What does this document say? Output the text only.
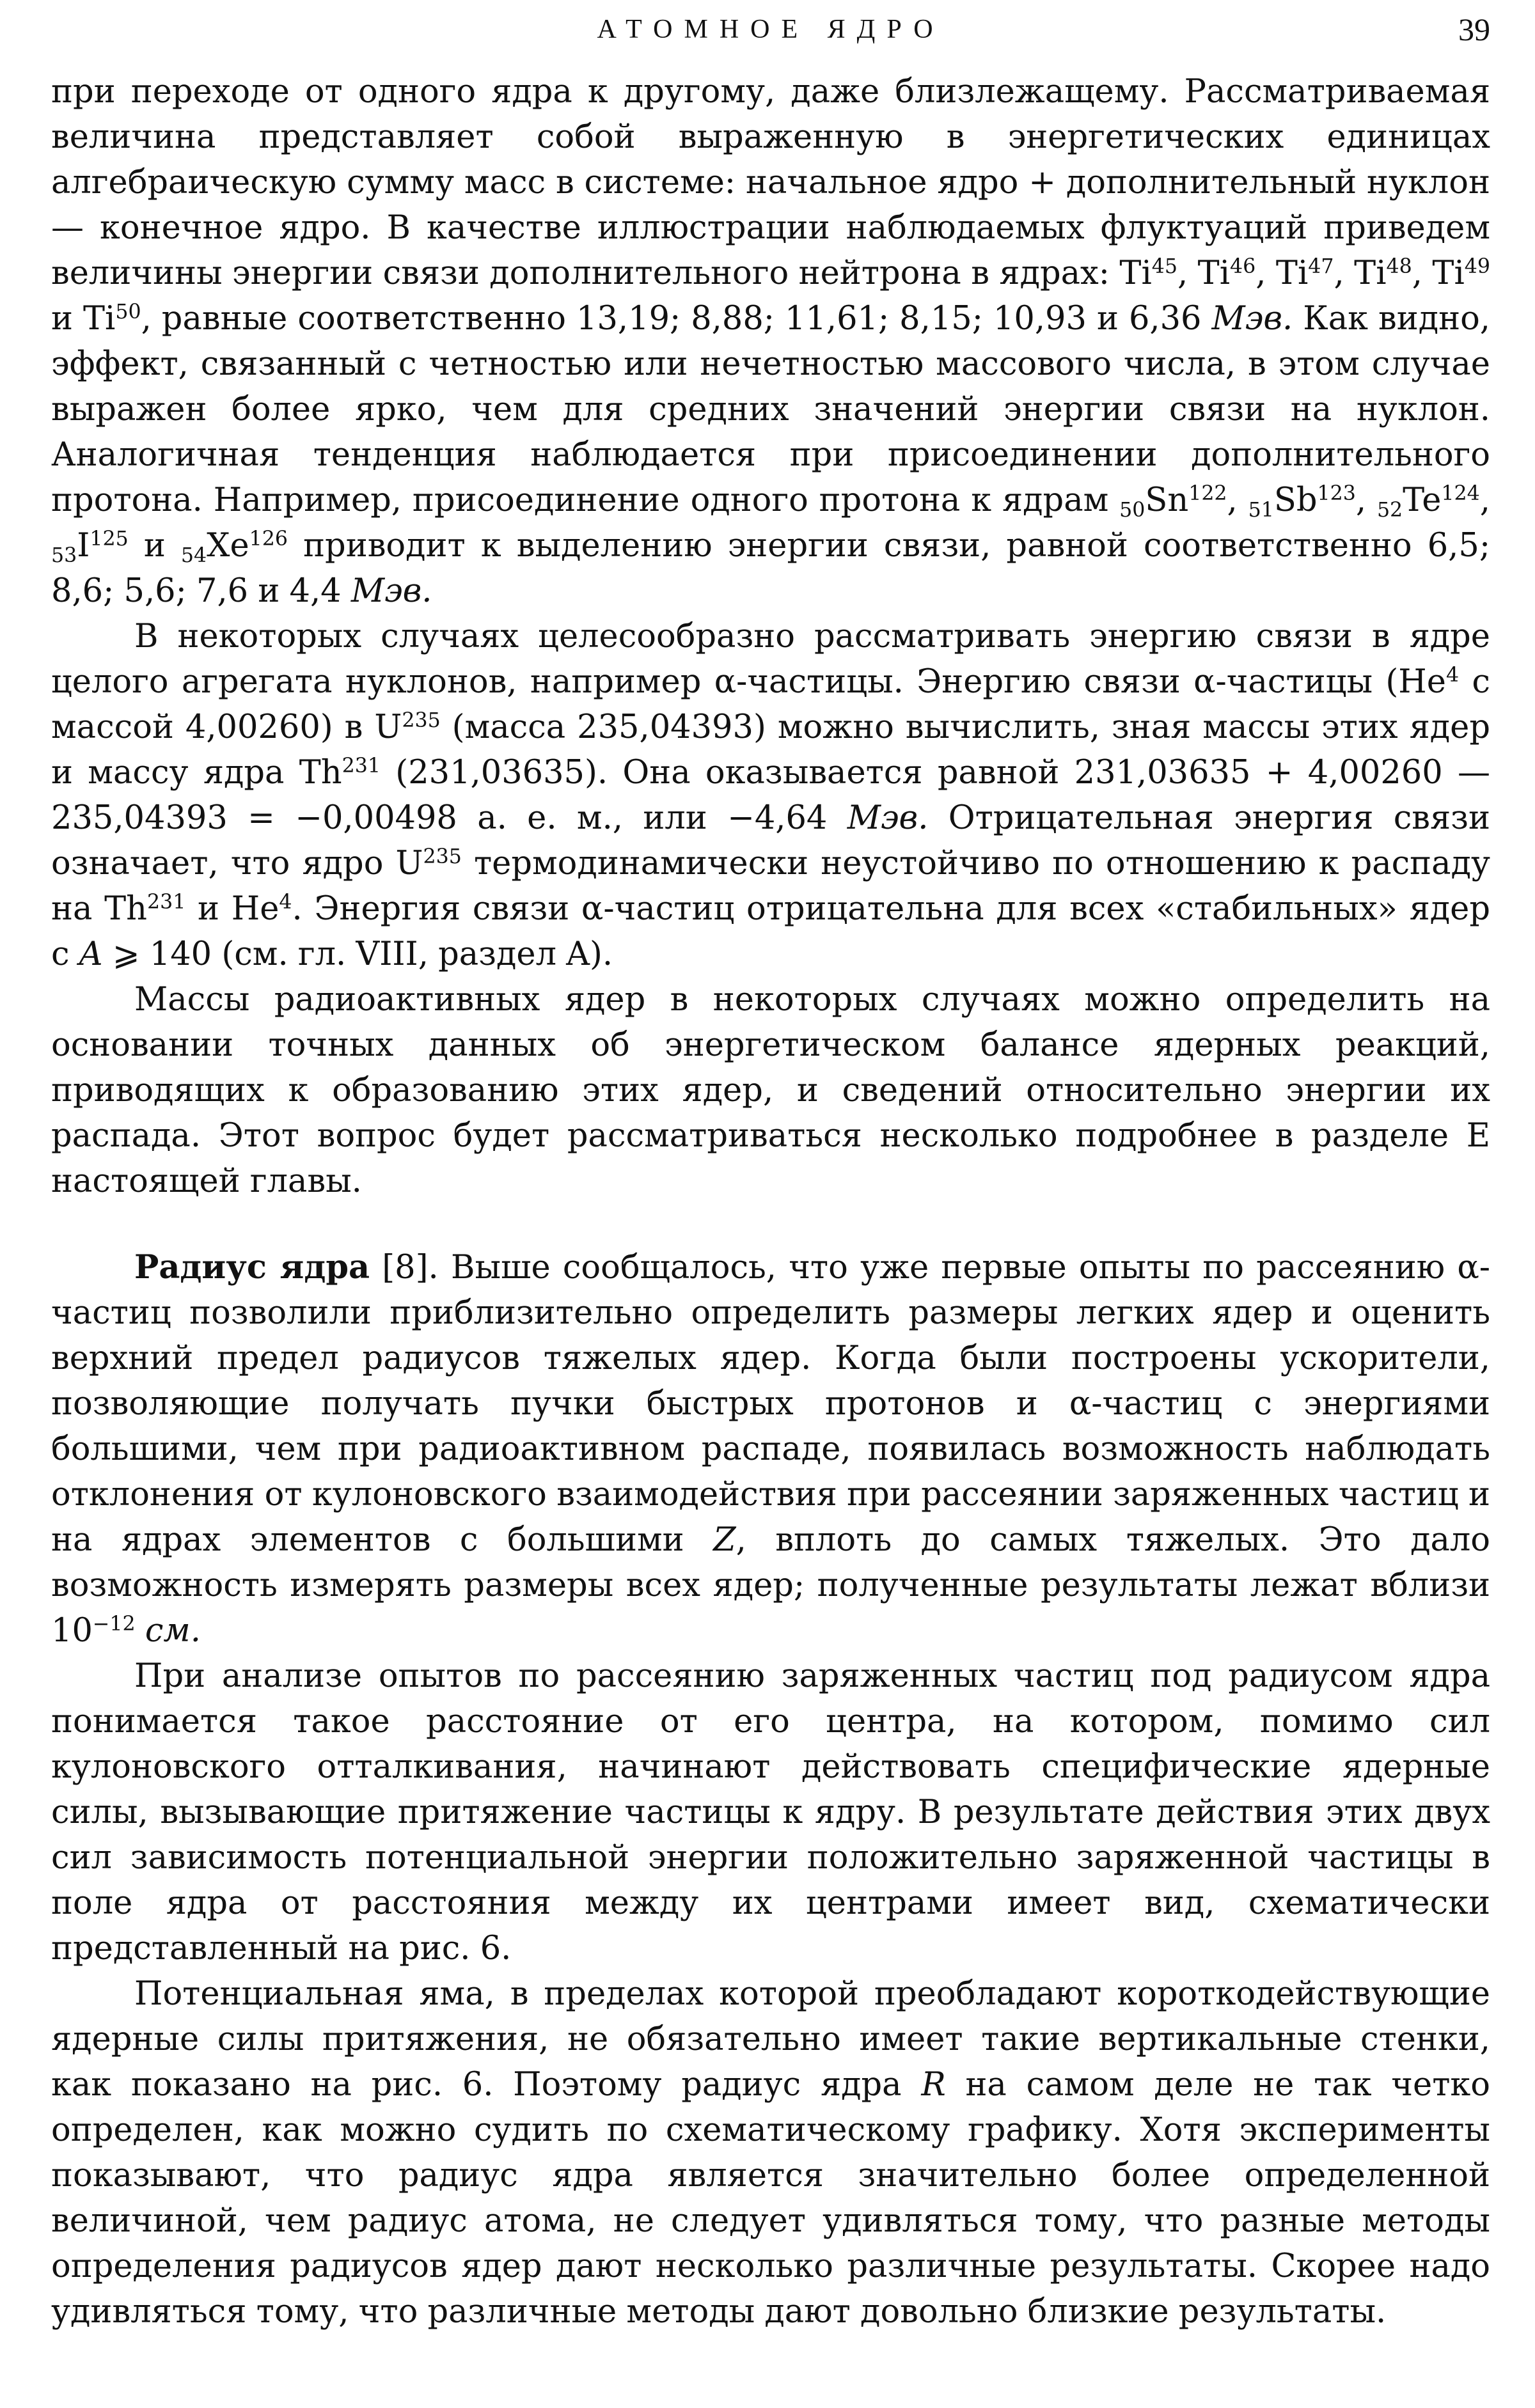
АТОМНОЕ ЯДРО	39

при переходе от одного ядра к другому, даже близлежащему. Рассматриваемая величина представляет собой выраженную в энергетических единицах алгебраическую сумму масс в системе: начальное ядро + дополнительный нуклон — конечное ядро. В качестве иллюстрации наблюдаемых флуктуаций приведем величины энергии связи дополнительного нейтрона в ядрах: Ti$^{45}$, Ti$^{46}$, Ti$^{47}$, Ti$^{48}$, Ti$^{49}$ и Ti$^{50}$, равные соответственно 13,19; 8,88; 11,61; 8,15; 10,93 и 6,36 Мэв. Как видно, эффект, связанный с четностью или нечетностью массового числа, в этом случае выражен более ярко, чем для средних значений энергии связи на нуклон. Аналогичная тенденция наблюдается при присоединении дополнительного протона. Например, присоединение одного протона к ядрам 50Sn$^{122}$, 51Sb$^{123}$, 52Te$^{124}$, $53I^{125}$ и 54Xe$^{126}$ приводит к выделению энергии связи, равной соответственно 6,5; 8,6; 5,6; 7,6 и 4,4 Мэв.

В некоторых случаях целесообразно рассматривать энергию связи в ядре целого агрегата нуклонов, например α-частицы. Энергию связи α-частицы (He$^4$ с массой 4,00260) в $U^{235}$ (масса 235,04393) можно вычислить, зная массы этих ядер и массу ядра Th$^{231}$ (231,03635). Она оказывается равной 231,03635 + 4,00260 — 235,04393 = −0,00498 а. е. м., или −4,64 Мэв. Отрицательная энергия связи означает, что ядро $U^{235}$ термодинамически неустойчиво по отношению к распаду на Th$^{231}$ и He$^4$. Энергия связи α-частиц отрицательна для всех «стабильных» ядер с A ⩾ 140 (см. гл. VIII, раздел A).

Массы радиоактивных ядер в некоторых случаях можно определить на основании точных данных об энергетическом балансе ядерных реакций, приводящих к образованию этих ядер, и сведений относительно энергии их распада. Этот вопрос будет рассматриваться несколько подробнее в разделе Е настоящей главы.

Радиус ядра [8]. Выше сообщалось, что уже первые опыты по рассеянию α-частиц позволили приблизительно определить размеры легких ядер и оценить верхний предел радиусов тяжелых ядер. Когда были построены ускорители, позволяющие получать пучки быстрых протонов и α-частиц с энергиями большими, чем при радиоактивном распаде, появилась возможность наблюдать отклонения от кулоновского взаимодействия при рассеянии заряженных частиц и на ядрах элементов с большими Z, вплоть до самых тяжелых. Это дало возможность измерять размеры всех ядер; полученные результаты лежат вблизи $10^{-12}$ см.

При анализе опытов по рассеянию заряженных частиц под радиусом ядра понимается такое расстояние от его центра, на котором, помимо сил кулоновского отталкивания, начинают действовать специфические ядерные силы, вызывающие притяжение частицы к ядру. В результате действия этих двух сил зависимость потенциальной энергии положительно заряженной частицы в поле ядра от расстояния между их центрами имеет вид, схематически представленный на рис. 6.

Потенциальная яма, в пределах которой преобладают короткодействующие ядерные силы притяжения, не обязательно имеет такие вертикальные стенки, как показано на рис. 6. Поэтому радиус ядра R на самом деле не так четко определен, как можно судить по схематическому графику. Хотя эксперименты показывают, что радиус ядра является значительно более определенной величиной, чем радиус атома, не следует удивляться тому, что разные методы определения радиусов ядер дают несколько различные результаты. Скорее надо удивляться тому, что различные методы дают довольно близкие результаты.
